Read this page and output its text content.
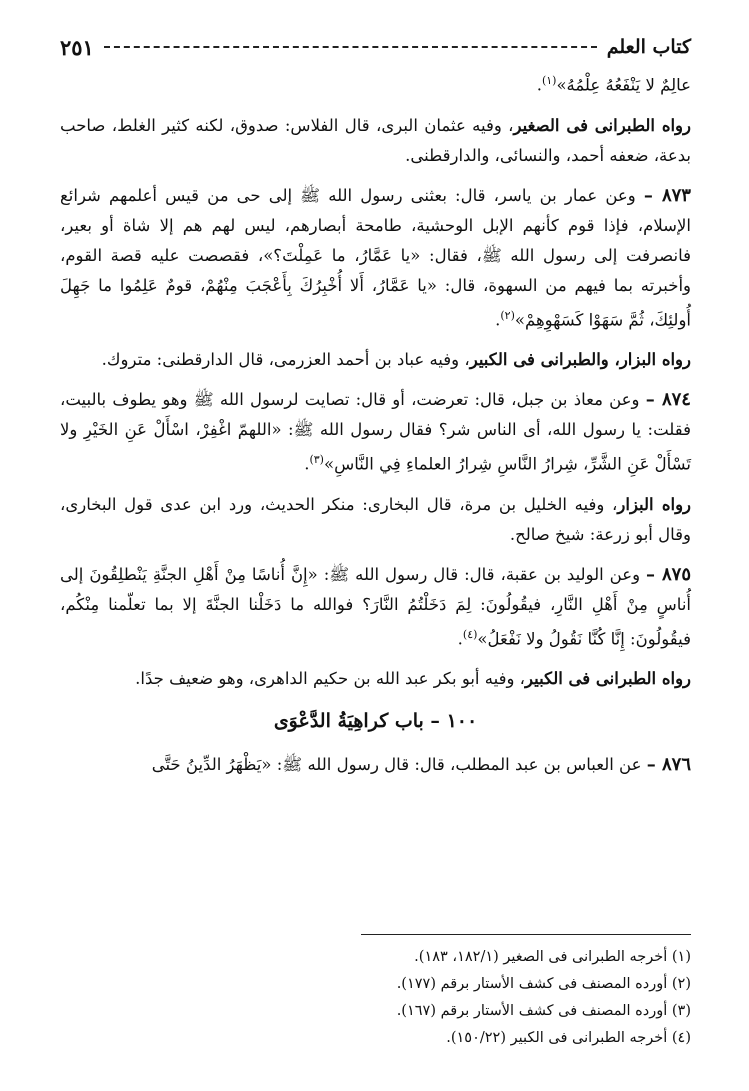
كتاب العلم
٢٥١

عالِمٌ لا يَنْفَعُهُ عِلْمُهُ»$^{(١)}$.

رواه الطبرانى فى الصغير، وفيه عثمان البرى، قال الفلاس: صدوق، لكنه كثير الغلط، صاحب بدعة، ضعفه أحمد، والنسائى، والدارقطنى.

٨٧٣ – وعن عمار بن ياسر، قال: بعثنى رسول الله ﷺ إلى حى من قيس أعلمهم شرائع الإسلام، فإذا قوم كأنهم الإبل الوحشية، طامحة أبصارهم، ليس لهم هم إلا شاة أو بعير، فانصرفت إلى رسول الله ﷺ، فقال: «يا عَمَّارُ، ما عَمِلْتَ؟»، فقصصت عليه قصة القوم، وأخبرته بما فيهم من السهوة، قال: «يا عَمَّارُ، أَلا أُخْبِرُكَ بِأَعْجَبَ مِنْهُمْ، قومٌ عَلِمُوا ما جَهِلَ أُولئِكَ، ثُمَّ سَهَوْا كَسَهْوِهِمْ»$^{(٢)}$.

رواه البزار، والطبرانى فى الكبير، وفيه عباد بن أحمد العزرمى، قال الدارقطنى: متروك.

٨٧٤ – وعن معاذ بن جبل، قال: تعرضت، أو قال: تصايت لرسول الله ﷺ وهو يطوف بالبيت، فقلت: يا رسول الله، أى الناس شر؟ فقال رسول الله ﷺ: «اللهمّ اغْفِرْ، اسْأَلْ عَنِ الخَيْرِ ولا تَسْأَلْ عَنِ الشَّرِّ، شِرارُ النَّاسِ شِرارُ العلماءِ فِي النَّاسِ»$^{(٣)}$.

رواه البزار، وفيه الخليل بن مرة، قال البخارى: منكر الحديث، ورد ابن عدى قول البخارى، وقال أبو زرعة: شيخ صالح.

٨٧٥ – وعن الوليد بن عقبة، قال: قال رسول الله ﷺ: «إِنَّ أُناسًا مِنْ أَهْلِ الجنَّةِ يَنْطلِقُونَ إلى أُناسٍ مِنْ أَهْلِ النَّارِ، فيقُولُونَ: لِمَ دَخَلْتُمُ النَّارَ؟ فوالله ما دَخَلْنا الجنَّةَ إلا بما تعلّمنا مِنْكُم، فيقُولُونَ: إِنَّا كُنَّا نَقُولُ ولا نَفْعَلُ»$^{(٤)}$.

رواه الطبرانى فى الكبير، وفيه أبو بكر عبد الله بن حكيم الداهرى، وهو ضعيف جدًا.

١٠٠ – باب كراهِيَةُ الدَّعْوَى

٨٧٦ – عن العباس بن عبد المطلب، قال: قال رسول الله ﷺ: «يَظْهَرُ الدِّينُ حَتَّى

(١) أخرجه الطبرانى فى الصغير (١٨٢/١، ١٨٣).
(٢) أورده المصنف فى كشف الأستار برقم (١٧٧).
(٣) أورده المصنف فى كشف الأستار برقم (١٦٧).
(٤) أخرجه الطبرانى فى الكبير (١٥٠/٢٢).
